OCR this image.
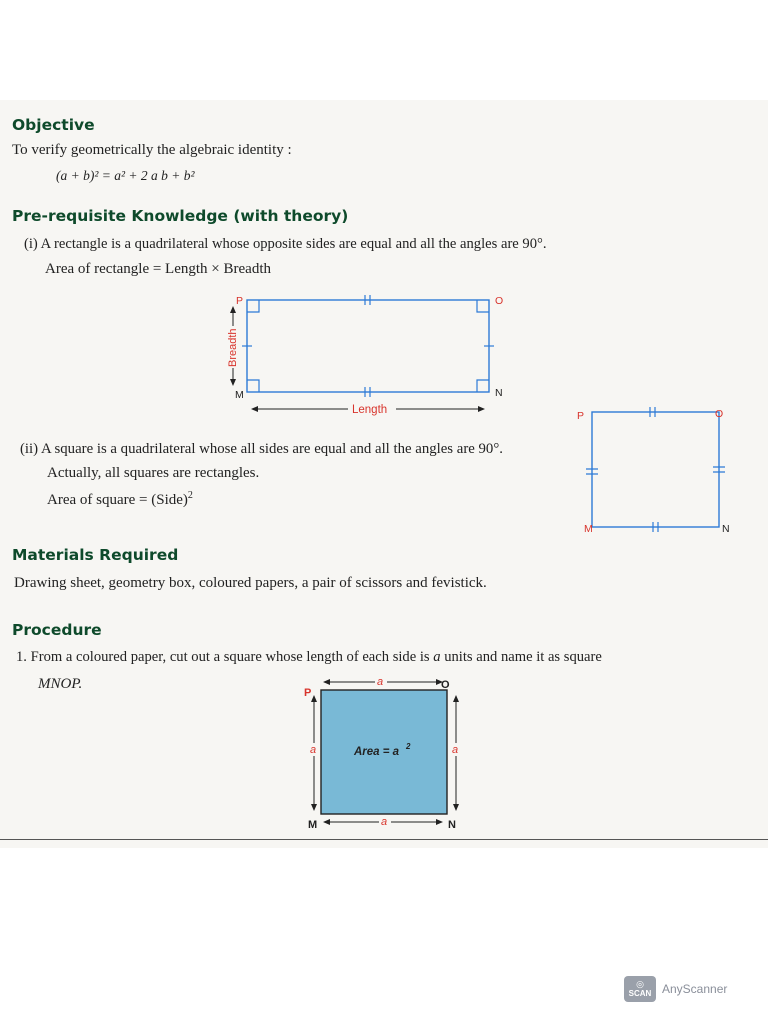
Objective
To verify geometrically the algebraic identity :
(a + b)² = a² + 2 a b + b²
Pre-requisite Knowledge (with theory)
(i) A rectangle is a quadrilateral whose opposite sides are equal and all the angles are 90°.
Area of rectangle = Length × Breadth
Breadth
Length
P	O
M	N
P	O
M	N
(ii) A square is a quadrilateral whose all sides are equal and all the angles are 90°.
Actually, all squares are rectangles.
Area of square = (Side)$^2$
Materials Required
Drawing sheet, geometry box, coloured papers, a pair of scissors and fevistick.
Procedure
1. From a coloured paper, cut out a square whose length of each side is a units and name it as square
MNOP.	a
a
a	a
Area = a 2
P
O
M	N
◎
SCAN AnyScanner
